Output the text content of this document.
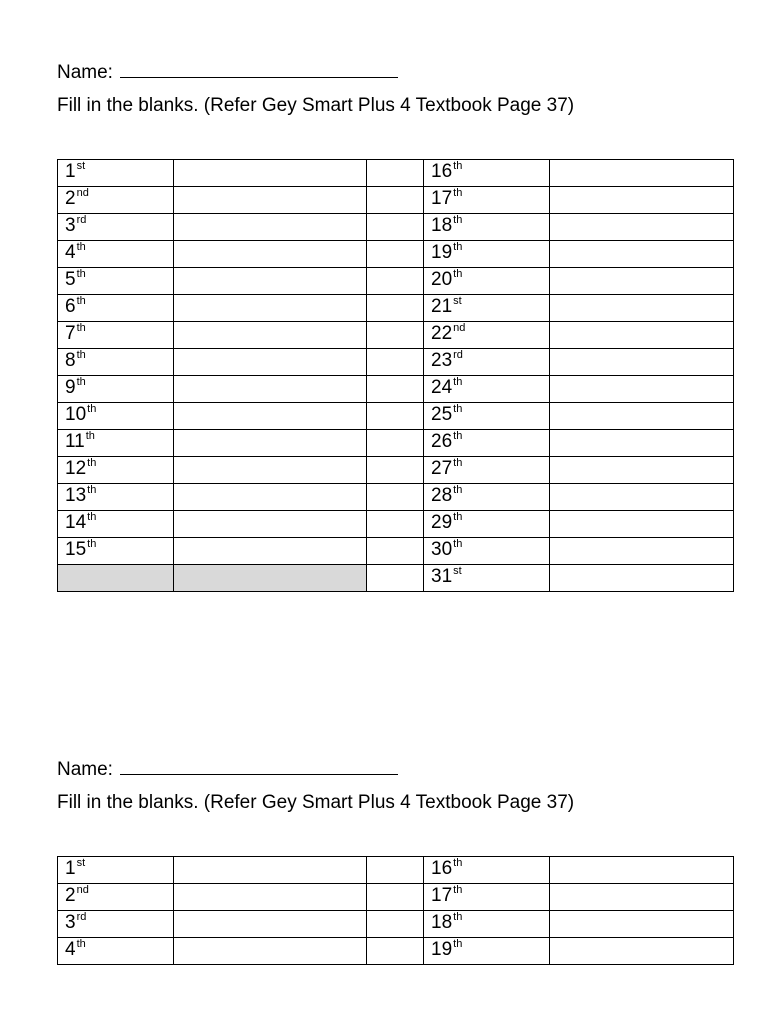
Name:
Fill in the blanks. (Refer Gey Smart Plus 4 Textbook Page 37)
1st			16th	
2nd			17th	
3rd			18th	
4th			19th	
5th			20th	
6th			21st	
7th			22nd	
8th			23rd	
9th			24th	
10th			25th	
11th			26th	
12th			27th	
13th			28th	
14th			29th	
15th			30th	
			31st	
Name:
Fill in the blanks. (Refer Gey Smart Plus 4 Textbook Page 37)
1st			16th	
2nd			17th	
3rd			18th	
4th			19th	
